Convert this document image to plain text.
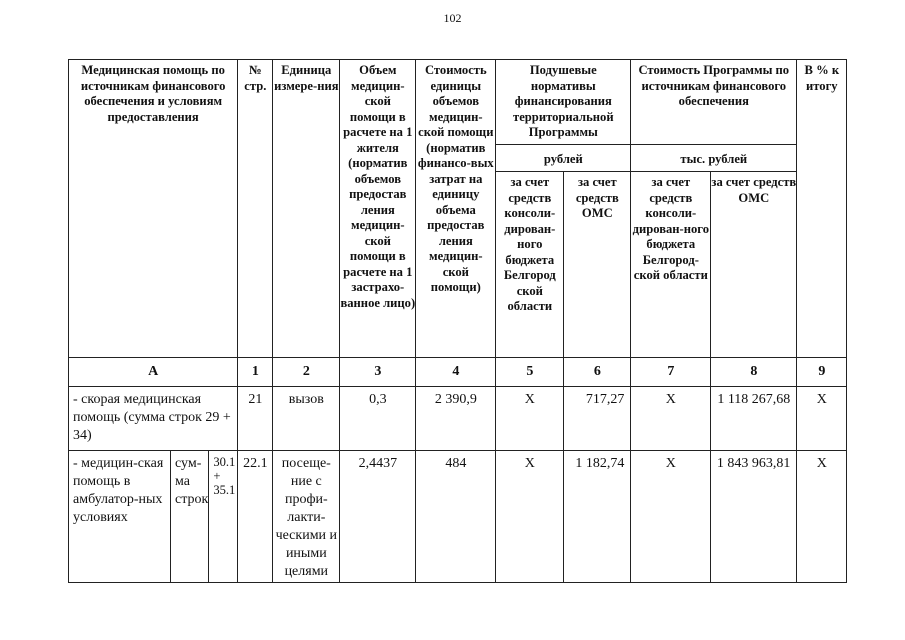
102
Медицинская помощь по источникам финансового обеспечения и условиям предоставления			№ стр.	Единица измере-ния	Объем медицин-ской помощи в расчете на 1 жителя (норматив объемов предостав ления медицин-ской помощи в расчете на 1 застрахо-ванное лицо)	Стоимость единицы объемов медицин-ской помощи (норматив финансо-вых затрат на единицу объема предостав ления медицин-ской помощи)	Подушевые нормативы финансирования территориальной Программы		Стоимость Программы по источникам финансового обеспечения		В % к итогу
							рублей		тыс. рублей		
							за счет средств консоли-дирован-ного бюджета Белгород ской области	за счет средств ОМС	за счет средств консоли-дирован-ного бюджета Белгород-ской области	за счет средств ОМС	
А			1	2	3	4	5	6	7	8	9
- скорая медицинская помощь (сумма строк 29 + 34)			21	вызов	0,3	2 390,9	Х	717,27	Х	1 118 267,68	Х
- медицин-ская помощь в амбулатор-ных условиях	сум-ма строк	30.1 + 35.1	22.1	посеще-ние с профи-лакти-ческими и иными целями	2,4437	484	Х	1 182,74	Х	1 843 963,81	Х
